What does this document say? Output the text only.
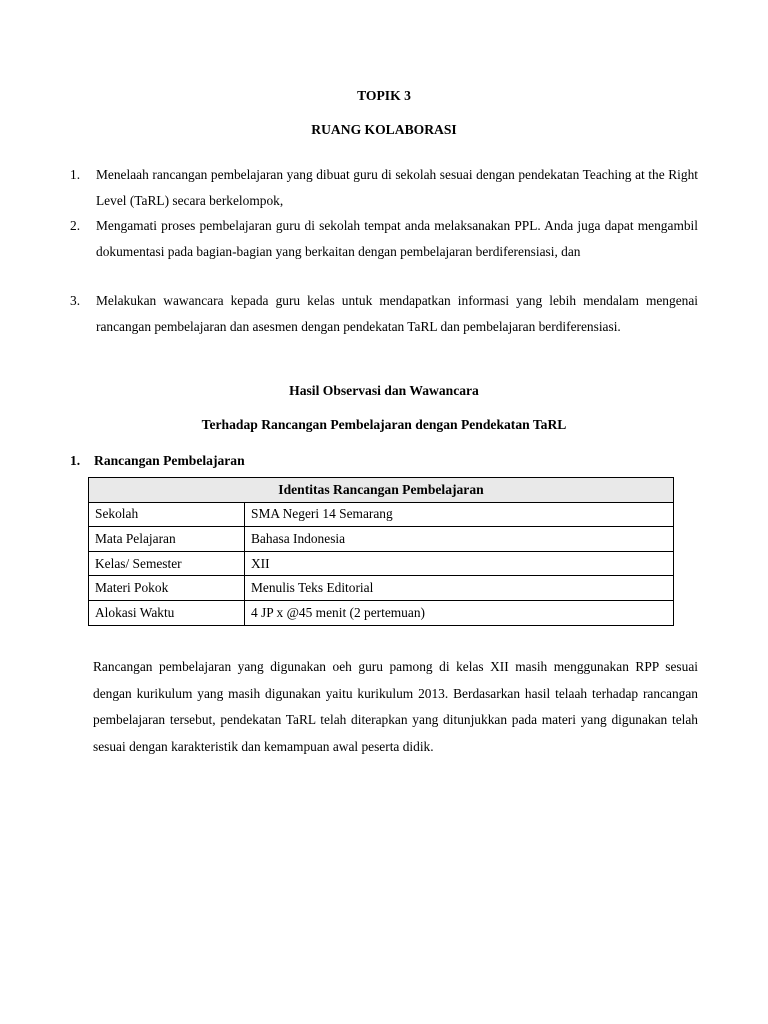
TOPIK 3
RUANG KOLABORASI
1.	Menelaah rancangan pembelajaran yang dibuat guru di sekolah sesuai dengan pendekatan Teaching at the Right Level (TaRL) secara berkelompok,
2.	Mengamati proses pembelajaran guru di sekolah tempat anda melaksanakan PPL. Anda juga dapat mengambil dokumentasi pada bagian-bagian yang berkaitan dengan pembelajaran berdiferensiasi, dan
3.	Melakukan wawancara kepada guru kelas untuk mendapatkan informasi yang lebih mendalam mengenai rancangan pembelajaran dan asesmen dengan pendekatan TaRL dan pembelajaran berdiferensiasi.
Hasil Observasi dan Wawancara
Terhadap Rancangan Pembelajaran dengan Pendekatan TaRL
1. Rancangan Pembelajaran
Identitas Rancangan Pembelajaran	
Sekolah	SMA Negeri 14 Semarang
Mata Pelajaran	Bahasa Indonesia
Kelas/ Semester	XII
Materi Pokok	Menulis Teks Editorial
Alokasi Waktu	4 JP x @45 menit (2 pertemuan)
Rancangan pembelajaran yang digunakan oeh guru pamong di kelas XII masih menggunakan RPP sesuai dengan kurikulum yang masih digunakan yaitu kurikulum 2013. Berdasarkan hasil telaah terhadap rancangan pembelajaran tersebut, pendekatan TaRL telah diterapkan yang ditunjukkan pada materi yang digunakan telah sesuai dengan karakteristik dan kemampuan awal peserta didik.
